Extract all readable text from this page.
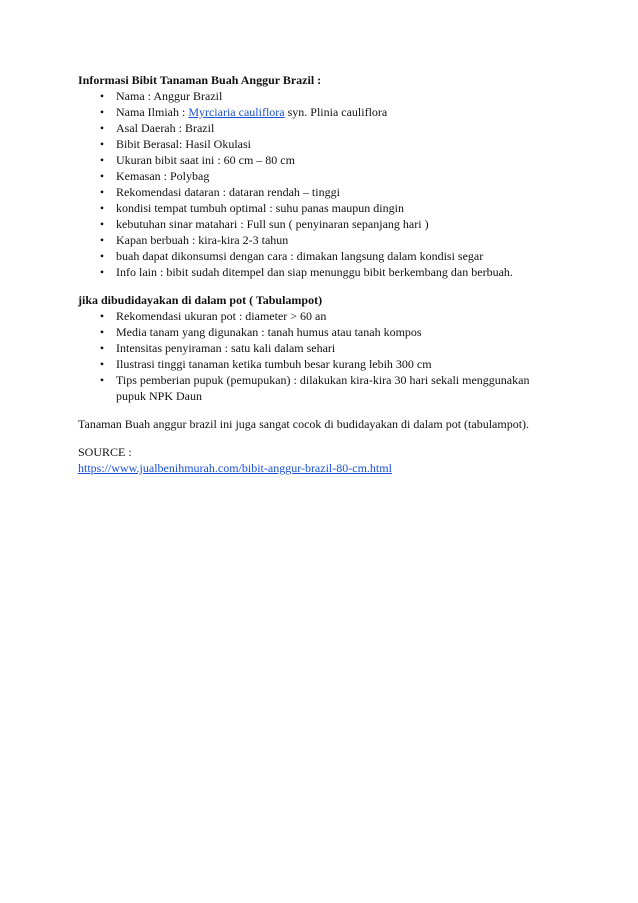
Informasi Bibit Tanaman Buah Anggur Brazil :

• Nama : Anggur Brazil
• Nama Ilmiah : Myrciaria cauliflora syn. Plinia cauliflora
• Asal Daerah : Brazil
• Bibit Berasal: Hasil Okulasi
• Ukuran bibit saat ini : 60 cm – 80 cm
• Kemasan : Polybag
• Rekomendasi dataran : dataran rendah – tinggi
• kondisi tempat tumbuh optimal : suhu panas maupun dingin
• kebutuhan sinar matahari : Full sun ( penyinaran sepanjang hari )
• Kapan berbuah : kira-kira 2-3 tahun
• buah dapat dikonsumsi dengan cara : dimakan langsung dalam kondisi segar
• Info lain : bibit sudah ditempel dan siap menunggu bibit berkembang dan berbuah.

jika dibudidayakan di dalam pot ( Tabulampot)

• Rekomendasi ukuran pot : diameter > 60 an
• Media tanam yang digunakan : tanah humus atau tanah kompos
• Intensitas penyiraman : satu kali dalam sehari
• Ilustrasi tinggi tanaman ketika tumbuh besar kurang lebih 300 cm
• Tips pemberian pupuk (pemupukan) : dilakukan kira-kira 30 hari sekali menggunakan pupuk NPK Daun

Tanaman Buah anggur brazil ini juga sangat cocok di budidayakan di dalam pot (tabulampot).

SOURCE :

https://www.jualbenihmurah.com/bibit-anggur-brazil-80-cm.html
